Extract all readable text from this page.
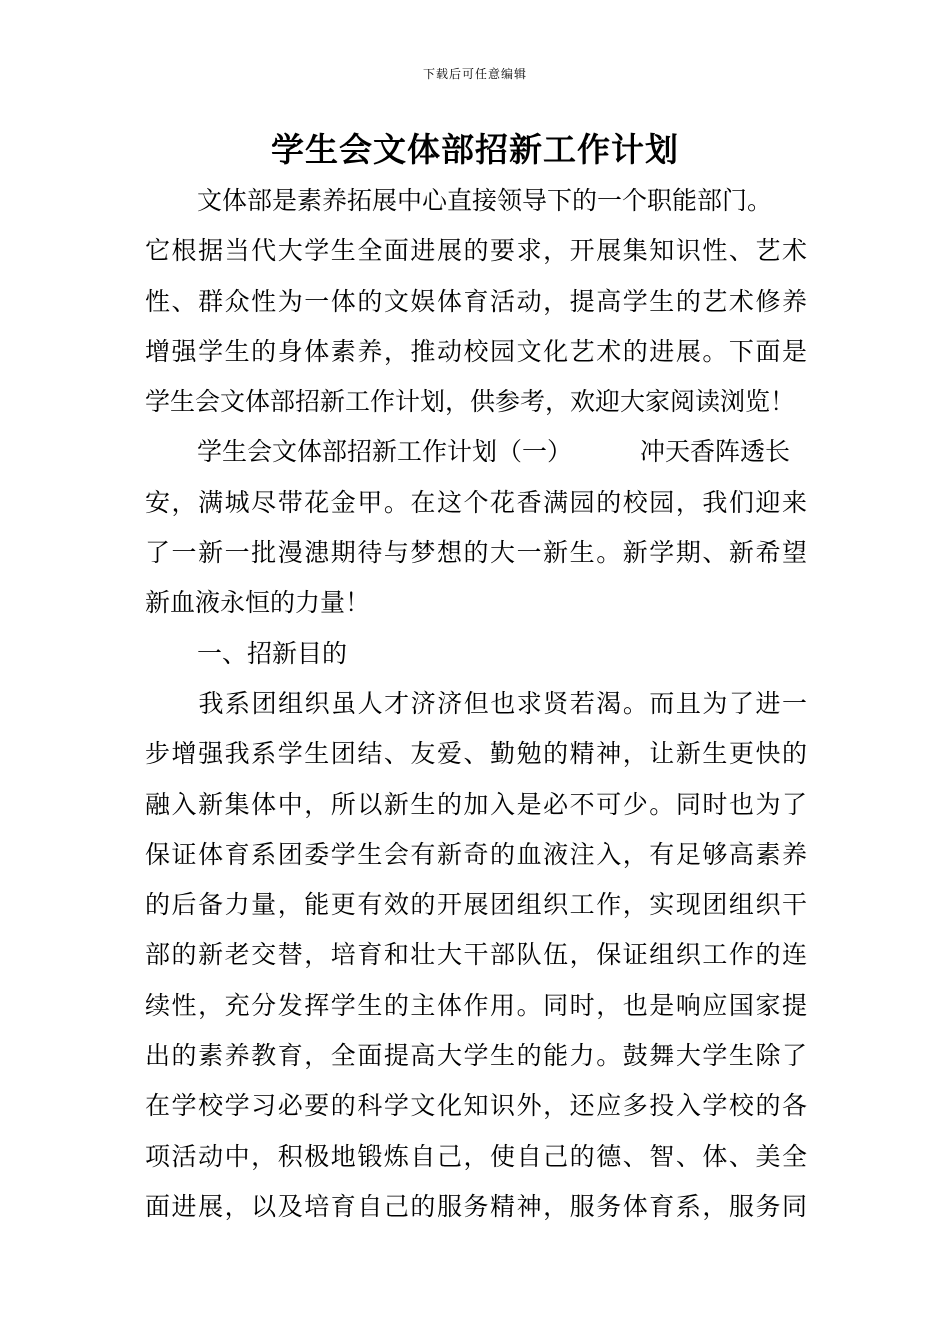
下载后可任意编辑
学生会文体部招新工作计划
文体部是素养拓展中心直接领导下的一个职能部门。
它根据当代大学生全面进展的要求，开展集知识性、艺术
性、群众性为一体的文娱体育活动，提高学生的艺术修养
增强学生的身体素养，推动校园文化艺术的进展。下面是
学生会文体部招新工作计划，供参考，欢迎大家阅读浏览！
学生会文体部招新工作计划（一）	冲天香阵透长
安，满城尽带花金甲。在这个花香满园的校园，我们迎来
了一新一批漫漶期待与梦想的大一新生。新学期、新希望
新血液永恒的力量！
一、招新目的
我系团组织虽人才济济但也求贤若渴。而且为了进一
步增强我系学生团结、友爱、勤勉的精神，让新生更快的
融入新集体中，所以新生的加入是必不可少。同时也为了
保证体育系团委学生会有新奇的血液注入，有足够高素养
的后备力量，能更有效的开展团组织工作，实现团组织干
部的新老交替，培育和壮大干部队伍，保证组织工作的连
续性，充分发挥学生的主体作用。同时，也是响应国家提
出的素养教育，全面提高大学生的能力。鼓舞大学生除了
在学校学习必要的科学文化知识外，还应多投入学校的各
项活动中，积极地锻炼自己，使自己的德、智、体、美全
面进展，以及培育自己的服务精神，服务体育系，服务同
